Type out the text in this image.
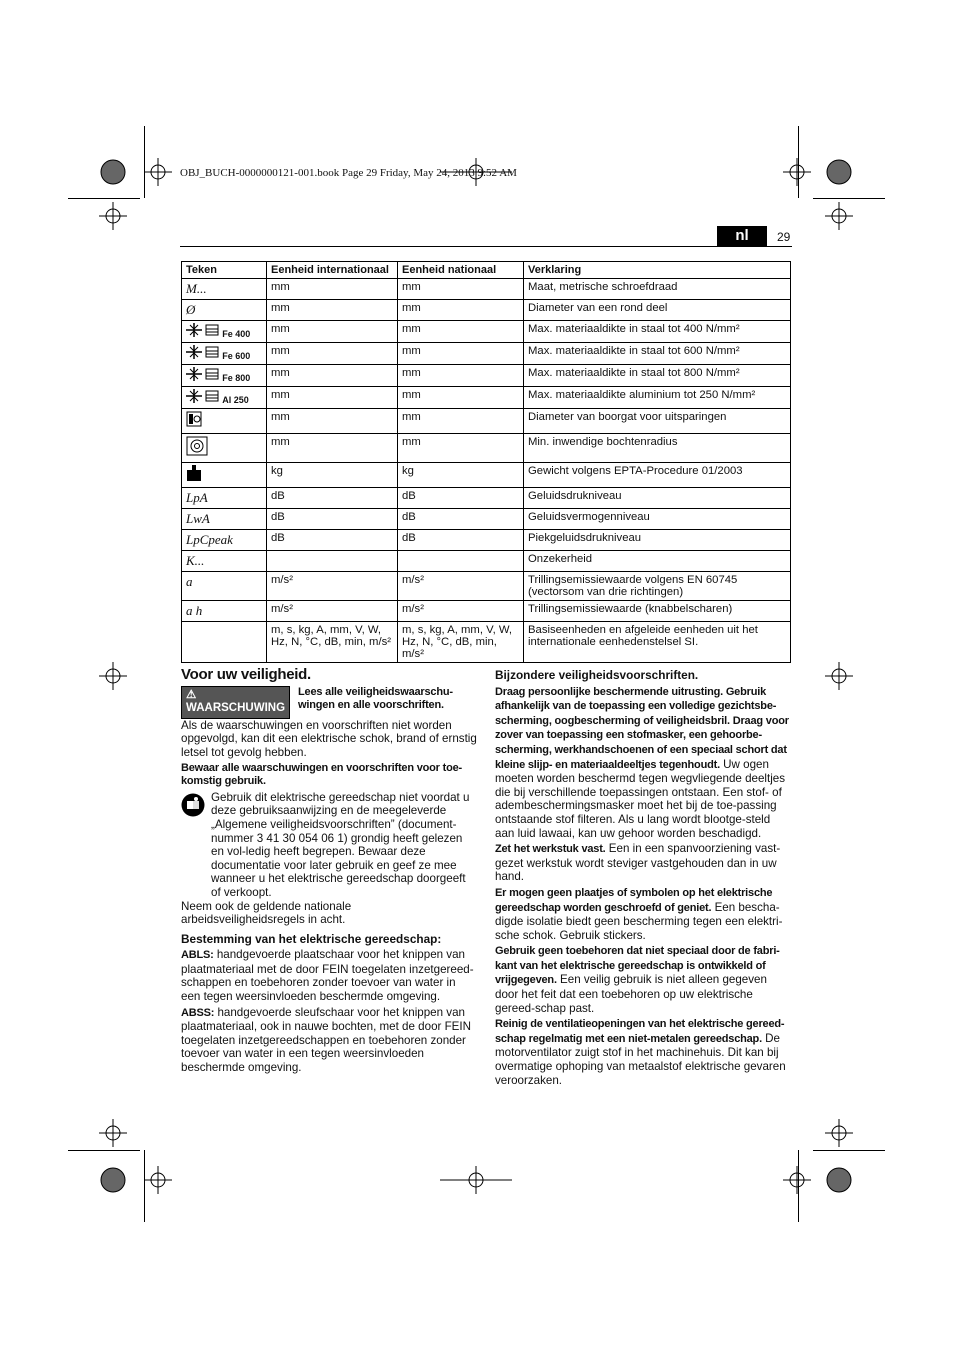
OBJ_BUCH-0000000121-001.book Page 29 Friday, May 24, 2013 9:52 AM
nl	29
Teken	Eenheid internationaal	Eenheid nationaal	Verklaring
M...	mm	mm	Maat, metrische schroefdraad
Ø	mm	mm	Diameter van een rond deel
Fe 400	mm	mm	Max. materiaaldikte in staal tot 400 N/mm²
Fe 600	mm	mm	Max. materiaaldikte in staal tot 600 N/mm²
Fe 800	mm	mm	Max. materiaaldikte in staal tot 800 N/mm²
Al 250	mm	mm	Max. materiaaldikte aluminium tot 250 N/mm²
	mm	mm	Diameter van boorgat voor uitsparingen
	mm	mm	Min. inwendige bochtenradius
	kg	kg	Gewicht volgens EPTA-Procedure 01/2003
LpA	dB	dB	Geluidsdrukniveau
LwA	dB	dB	Geluidsvermogenniveau
LpCpeak	dB	dB	Piekgeluidsdrukniveau
K...			Onzekerheid
a	m/s²	m/s²	Trillingsemissiewaarde volgens EN 60745 (vectorsom van drie richtingen)
a h	m/s²	m/s²	Trillingsemissiewaarde (knabbelscharen)
	m, s, kg, A, mm, V, W, Hz, N, °C, dB, min, m/s²	m, s, kg, A, mm, V, W, Hz, N, °C, dB, min, m/s²	Basiseenheden en afgeleide eenheden uit het internationale eenhedenstelsel SI.
Voor uw veiligheid.
⚠ WAARSCHUWING
Lees alle veiligheidswaarschu-wingen en alle voorschriften.

Als de waarschuwingen en voorschriften niet worden opgevolgd, kan dit een elektrische schok, brand of ernstig letsel tot gevolg hebben.

Bewaar alle waarschuwingen en voorschriften voor toe-komstig gebruik.

Gebruik dit elektrische gereedschap niet voordat u deze gebruiksaanwijzing en de meegeleverde „Algemene veiligheidsvoorschriften” (document-nummer 3 41 30 054 06 1) grondig heeft gelezen en vol-ledig heeft begrepen. Bewaar deze documentatie voor later gebruik en geef ze mee wanneer u het elektrische gereedschap doorgeeft of verkoopt.

Neem ook de geldende nationale arbeidsveiligheidsregels in acht.

Bestemming van het elektrische gereedschap:

ABLS: handgevoerde plaatschaar voor het knippen van plaatmateriaal met de door FEIN toegelaten inzetgereed-schappen en toebehoren zonder toevoer van water in een tegen weersinvloeden beschermde omgeving.

ABSS: handgevoerde sleufschaar voor het knippen van plaatmateriaal, ook in nauwe bochten, met de door FEIN toegelaten inzetgereedschappen en toebehoren zonder toevoer van water in een tegen weersinvloeden beschermde omgeving.

Bijzondere veiligheidsvoorschriften.

Draag persoonlijke beschermende uitrusting. Gebruik afhankelijk van de toepassing een volledige gezichtsbe-scherming, oogbescherming of veiligheidsbril. Draag voor zover van toepassing een stofmasker, een gehoorbe-scherming, werkhandschoenen of een speciaal schort dat kleine slijp- en materiaaldeeltjes tegenhoudt. Uw ogen moeten worden beschermd tegen wegvliegende deeltjes die bij verschillende toepassingen ontstaan. Een stof- of adembeschermingsmasker moet het bij de toe-passing ontstaande stof filteren. Als u lang wordt blootge-steld aan luid lawaai, kan uw gehoor worden beschadigd.

Zet het werkstuk vast. Een in een spanvoorziening vast-gezet werkstuk wordt steviger vastgehouden dan in uw hand.

Er mogen geen plaatjes of symbolen op het elektrische gereedschap worden geschroefd of geniet. Een bescha-digde isolatie biedt geen bescherming tegen een elektri-sche schok. Gebruik stickers.

Gebruik geen toebehoren dat niet speciaal door de fabri-kant van het elektrische gereedschap is ontwikkeld of vrijgegeven. Een veilig gebruik is niet alleen gegeven door het feit dat een toebehoren op uw elektrische gereed-schap past.

Reinig de ventilatieopeningen van het elektrische gereed-schap regelmatig met een niet-metalen gereedschap. De motorventilator zuigt stof in het machinehuis. Dit kan bij overmatige ophoping van metaalstof elektrische gevaren veroorzaken.
